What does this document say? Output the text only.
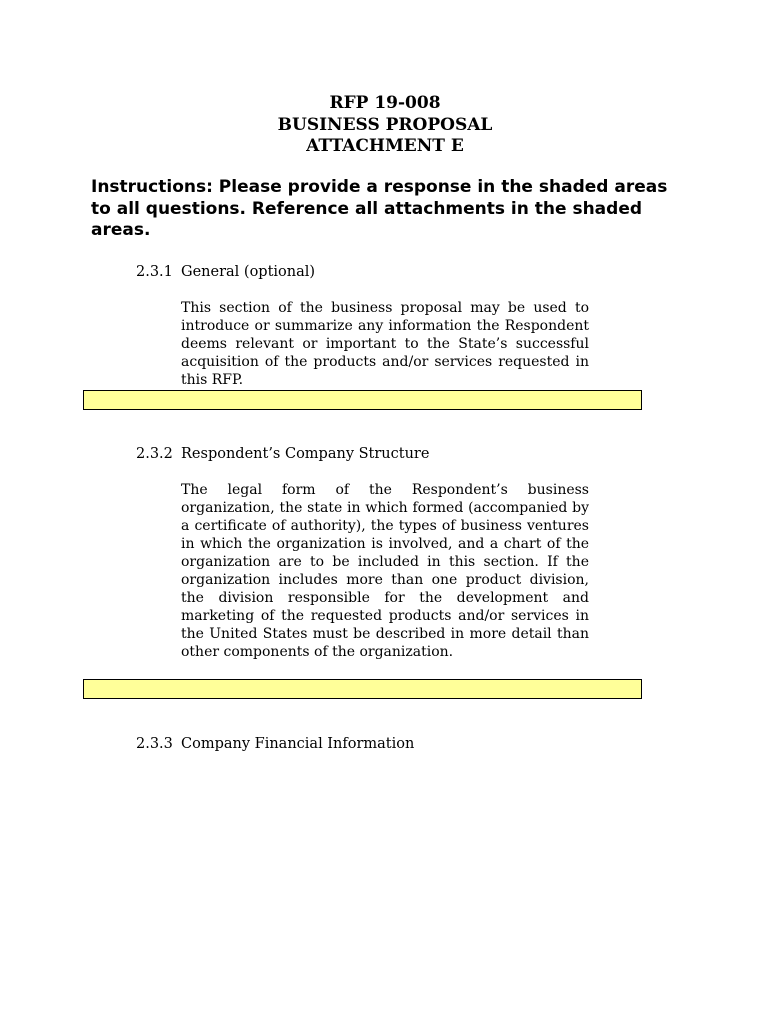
RFP 19-008
BUSINESS PROPOSAL
ATTACHMENT E
Instructions: Please provide a response in the shaded areas to all questions. Reference all attachments in the shaded areas.
2.3.1 General (optional)
This section of the business proposal may be used to introduce or summarize any information the Respondent deems relevant or important to the State’s successful acquisition of the products and/or services requested in this RFP.
2.3.2 Respondent’s Company Structure
The legal form of the Respondent’s business organization, the state in which formed (accompanied by a certificate of authority), the types of business ventures in which the organization is involved, and a chart of the organization are to be included in this section. If the organization includes more than one product division, the division responsible for the development and marketing of the requested products and/or services in the United States must be described in more detail than other components of the organization.
2.3.3 Company Financial Information
